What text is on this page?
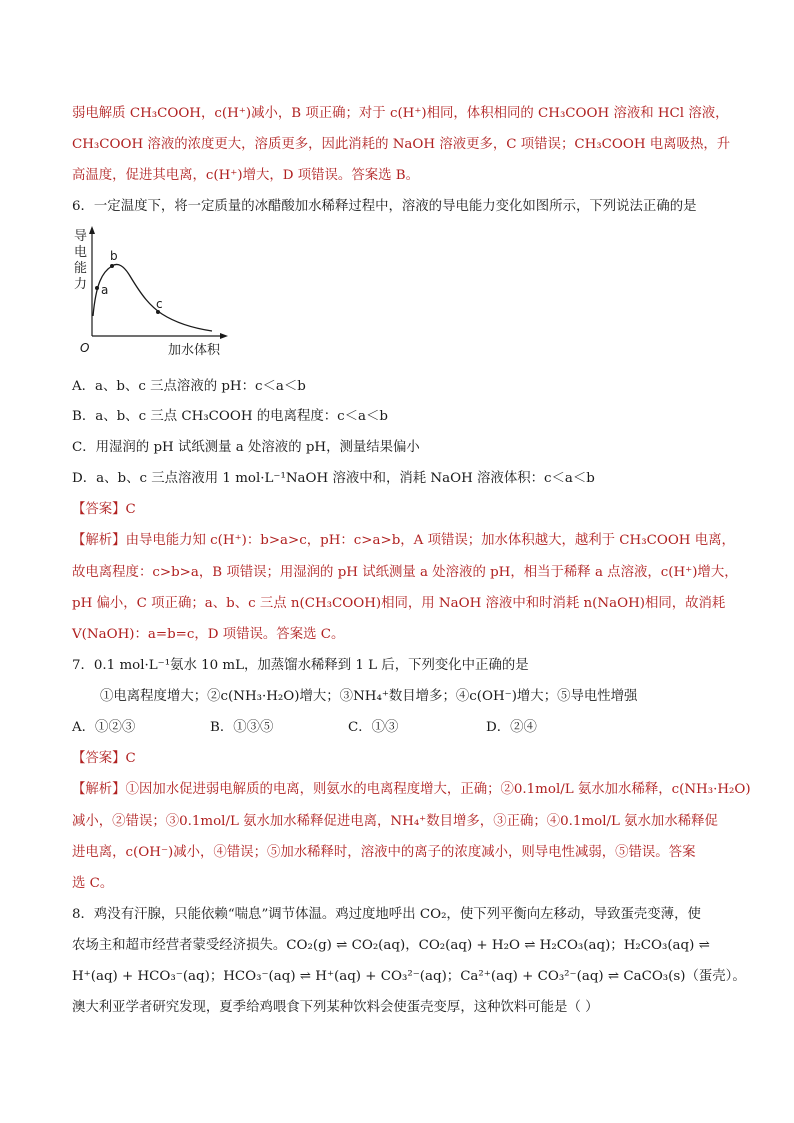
弱电解质 CH₃COOH，c(H⁺)减小，B 项正确；对于 c(H⁺)相同，体积相同的 CH₃COOH 溶液和 HCl 溶液，
CH₃COOH 溶液的浓度更大，溶质更多，因此消耗的 NaOH 溶液更多，C 项错误；CH₃COOH 电离吸热，升
高温度，促进其电离，c(H⁺)增大，D 项错误。答案选 B。
6．一定温度下，将一定质量的冰醋酸加水稀释过程中，溶液的导电能力变化如图所示，下列说法正确的是
导
电
能
力 a
b
c
O	加水体积
A．a、b、c 三点溶液的 pH：c＜a＜b
B．a、b、c 三点 CH₃COOH 的电离程度：c＜a＜b
C．用湿润的 pH 试纸测量 a 处溶液的 pH，测量结果偏小
D．a、b、c 三点溶液用 1 mol·L⁻¹NaOH 溶液中和，消耗 NaOH 溶液体积：c＜a＜b
【答案】C
【解析】由导电能力知 c(H⁺)：b>a>c，pH：c>a>b，A 项错误；加水体积越大，越利于 CH₃COOH 电离，
故电离程度：c>b>a，B 项错误；用湿润的 pH 试纸测量 a 处溶液的 pH，相当于稀释 a 点溶液，c(H⁺)增大，
pH 偏小，C 项正确；a、b、c 三点 n(CH₃COOH)相同，用 NaOH 溶液中和时消耗 n(NaOH)相同，故消耗
V(NaOH)：a=b=c，D 项错误。答案选 C。
7．0.1 mol·L⁻¹氨水 10 mL，加蒸馏水稀释到 1 L 后，下列变化中正确的是
①电离程度增大；②c(NH₃·H₂O)增大；③NH₄⁺数目增多；④c(OH⁻)增大；⑤导电性增强
A．①②③	B．①③⑤	C．①③	D．②④
【答案】C
【解析】①因加水促进弱电解质的电离，则氨水的电离程度增大，正确；②0.1mol/L 氨水加水稀释，c(NH₃·H₂O)
减小，②错误；③0.1mol/L 氨水加水稀释促进电离，NH₄⁺数目增多，③正确；④0.1mol/L 氨水加水稀释促
进电离，c(OH⁻)减小，④错误；⑤加水稀释时，溶液中的离子的浓度减小，则导电性减弱，⑤错误。答案
选 C。
8．鸡没有汗腺，只能依赖“喘息”调节体温。鸡过度地呼出 CO₂，使下列平衡向左移动，导致蛋壳变薄，使
农场主和超市经营者蒙受经济损失。CO₂(g) ⇌ CO₂(aq)，CO₂(aq) + H₂O ⇌ H₂CO₃(aq)；H₂CO₃(aq) ⇌
H⁺(aq) + HCO₃⁻(aq)；HCO₃⁻(aq) ⇌ H⁺(aq) + CO₃²⁻(aq)；Ca²⁺(aq) + CO₃²⁻(aq) ⇌ CaCO₃(s)（蛋壳）。
澳大利亚学者研究发现，夏季给鸡喂食下列某种饮料会使蛋壳变厚，这种饮料可能是（ ）
